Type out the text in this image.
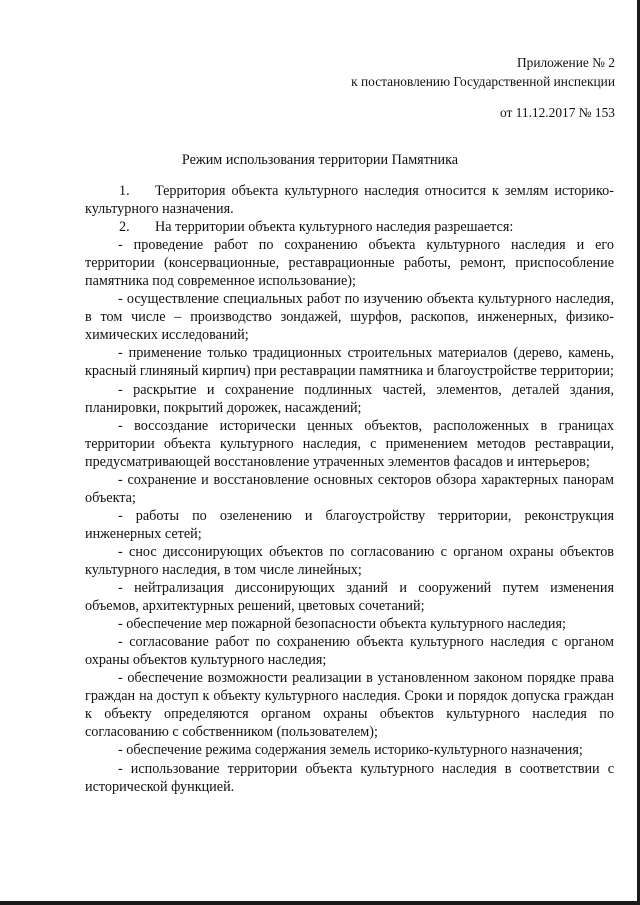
Приложение № 2
к постановлению Государственной инспекции
от 11.12.2017 № 153
Режим использования территории Памятника

1. Территория объекта культурного наследия относится к землям историко-культурного назначения.

2. На территории объекта культурного наследия разрешается:

- проведение работ по сохранению объекта культурного наследия и его территории (консервационные, реставрационные работы, ремонт, приспособление памятника под современное использование);

- осуществление специальных работ по изучению объекта культурного наследия, в том числе – производство зондажей, шурфов, раскопов, инженерных, физико-химических исследований;

- применение только традиционных строительных материалов (дерево, камень, красный глиняный кирпич) при реставрации памятника и благоустройстве территории;

- раскрытие и сохранение подлинных частей, элементов, деталей здания, планировки, покрытий дорожек, насаждений;

- воссоздание исторически ценных объектов, расположенных в границах территории объекта культурного наследия, с применением методов реставрации, предусматривающей восстановление утраченных элементов фасадов и интерьеров;

- сохранение и восстановление основных секторов обзора характерных панорам объекта;

- работы по озеленению и благоустройству территории, реконструкция инженерных сетей;

- снос диссонирующих объектов по согласованию с органом охраны объектов культурного наследия, в том числе линейных;

- нейтрализация диссонирующих зданий и сооружений путем изменения объемов, архитектурных решений, цветовых сочетаний;

- обеспечение мер пожарной безопасности объекта культурного наследия;

- согласование работ по сохранению объекта культурного наследия с органом охраны объектов культурного наследия;

- обеспечение возможности реализации в установленном законом порядке права граждан на доступ к объекту культурного наследия. Сроки и порядок допуска граждан к объекту определяются органом охраны объектов культурного наследия по согласованию с собственником (пользователем);

- обеспечение режима содержания земель историко-культурного назначения;

- использование территории объекта культурного наследия в соответствии с исторической функцией.
